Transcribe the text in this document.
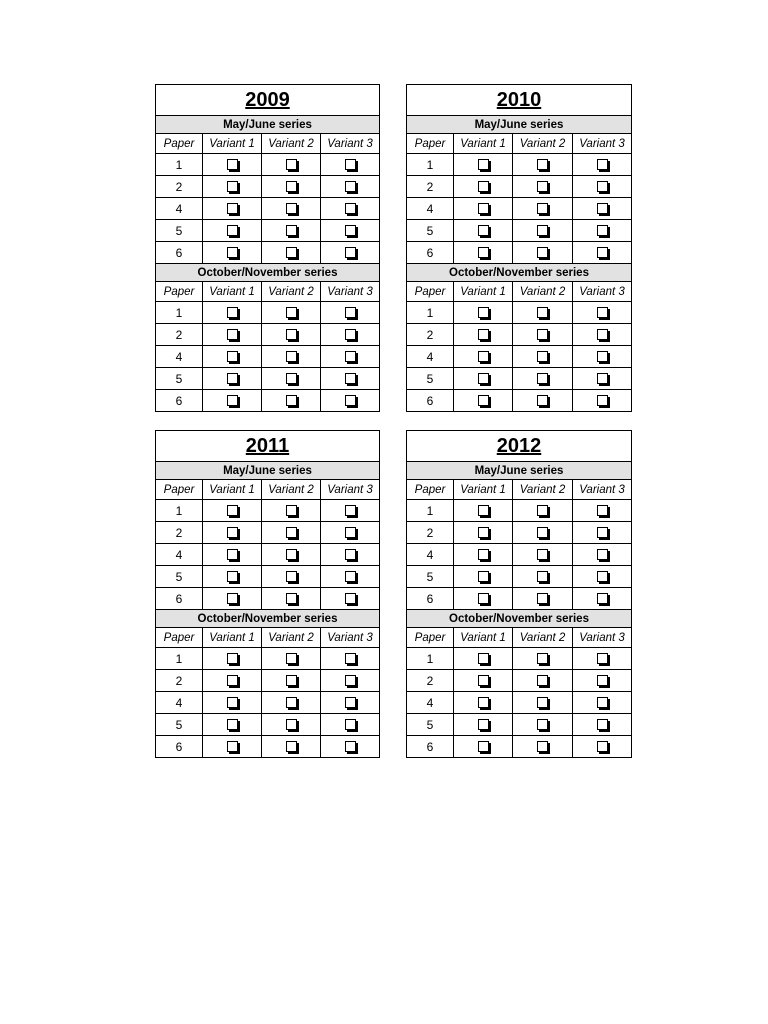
2009			
May/June series			
Paper	Variant 1	Variant 2	Variant 3
1			
2			
4			
5			
6			
October/November series			
Paper	Variant 1	Variant 2	Variant 3
1			
2			
4			
5			
6			
2010			
May/June series			
Paper	Variant 1	Variant 2	Variant 3
1			
2			
4			
5			
6			
October/November series			
Paper	Variant 1	Variant 2	Variant 3
1			
2			
4			
5			
6			
2011			
May/June series			
Paper	Variant 1	Variant 2	Variant 3
1			
2			
4			
5			
6			
October/November series			
Paper	Variant 1	Variant 2	Variant 3
1			
2			
4			
5			
6			
2012			
May/June series			
Paper	Variant 1	Variant 2	Variant 3
1			
2			
4			
5			
6			
October/November series			
Paper	Variant 1	Variant 2	Variant 3
1			
2			
4			
5			
6			
